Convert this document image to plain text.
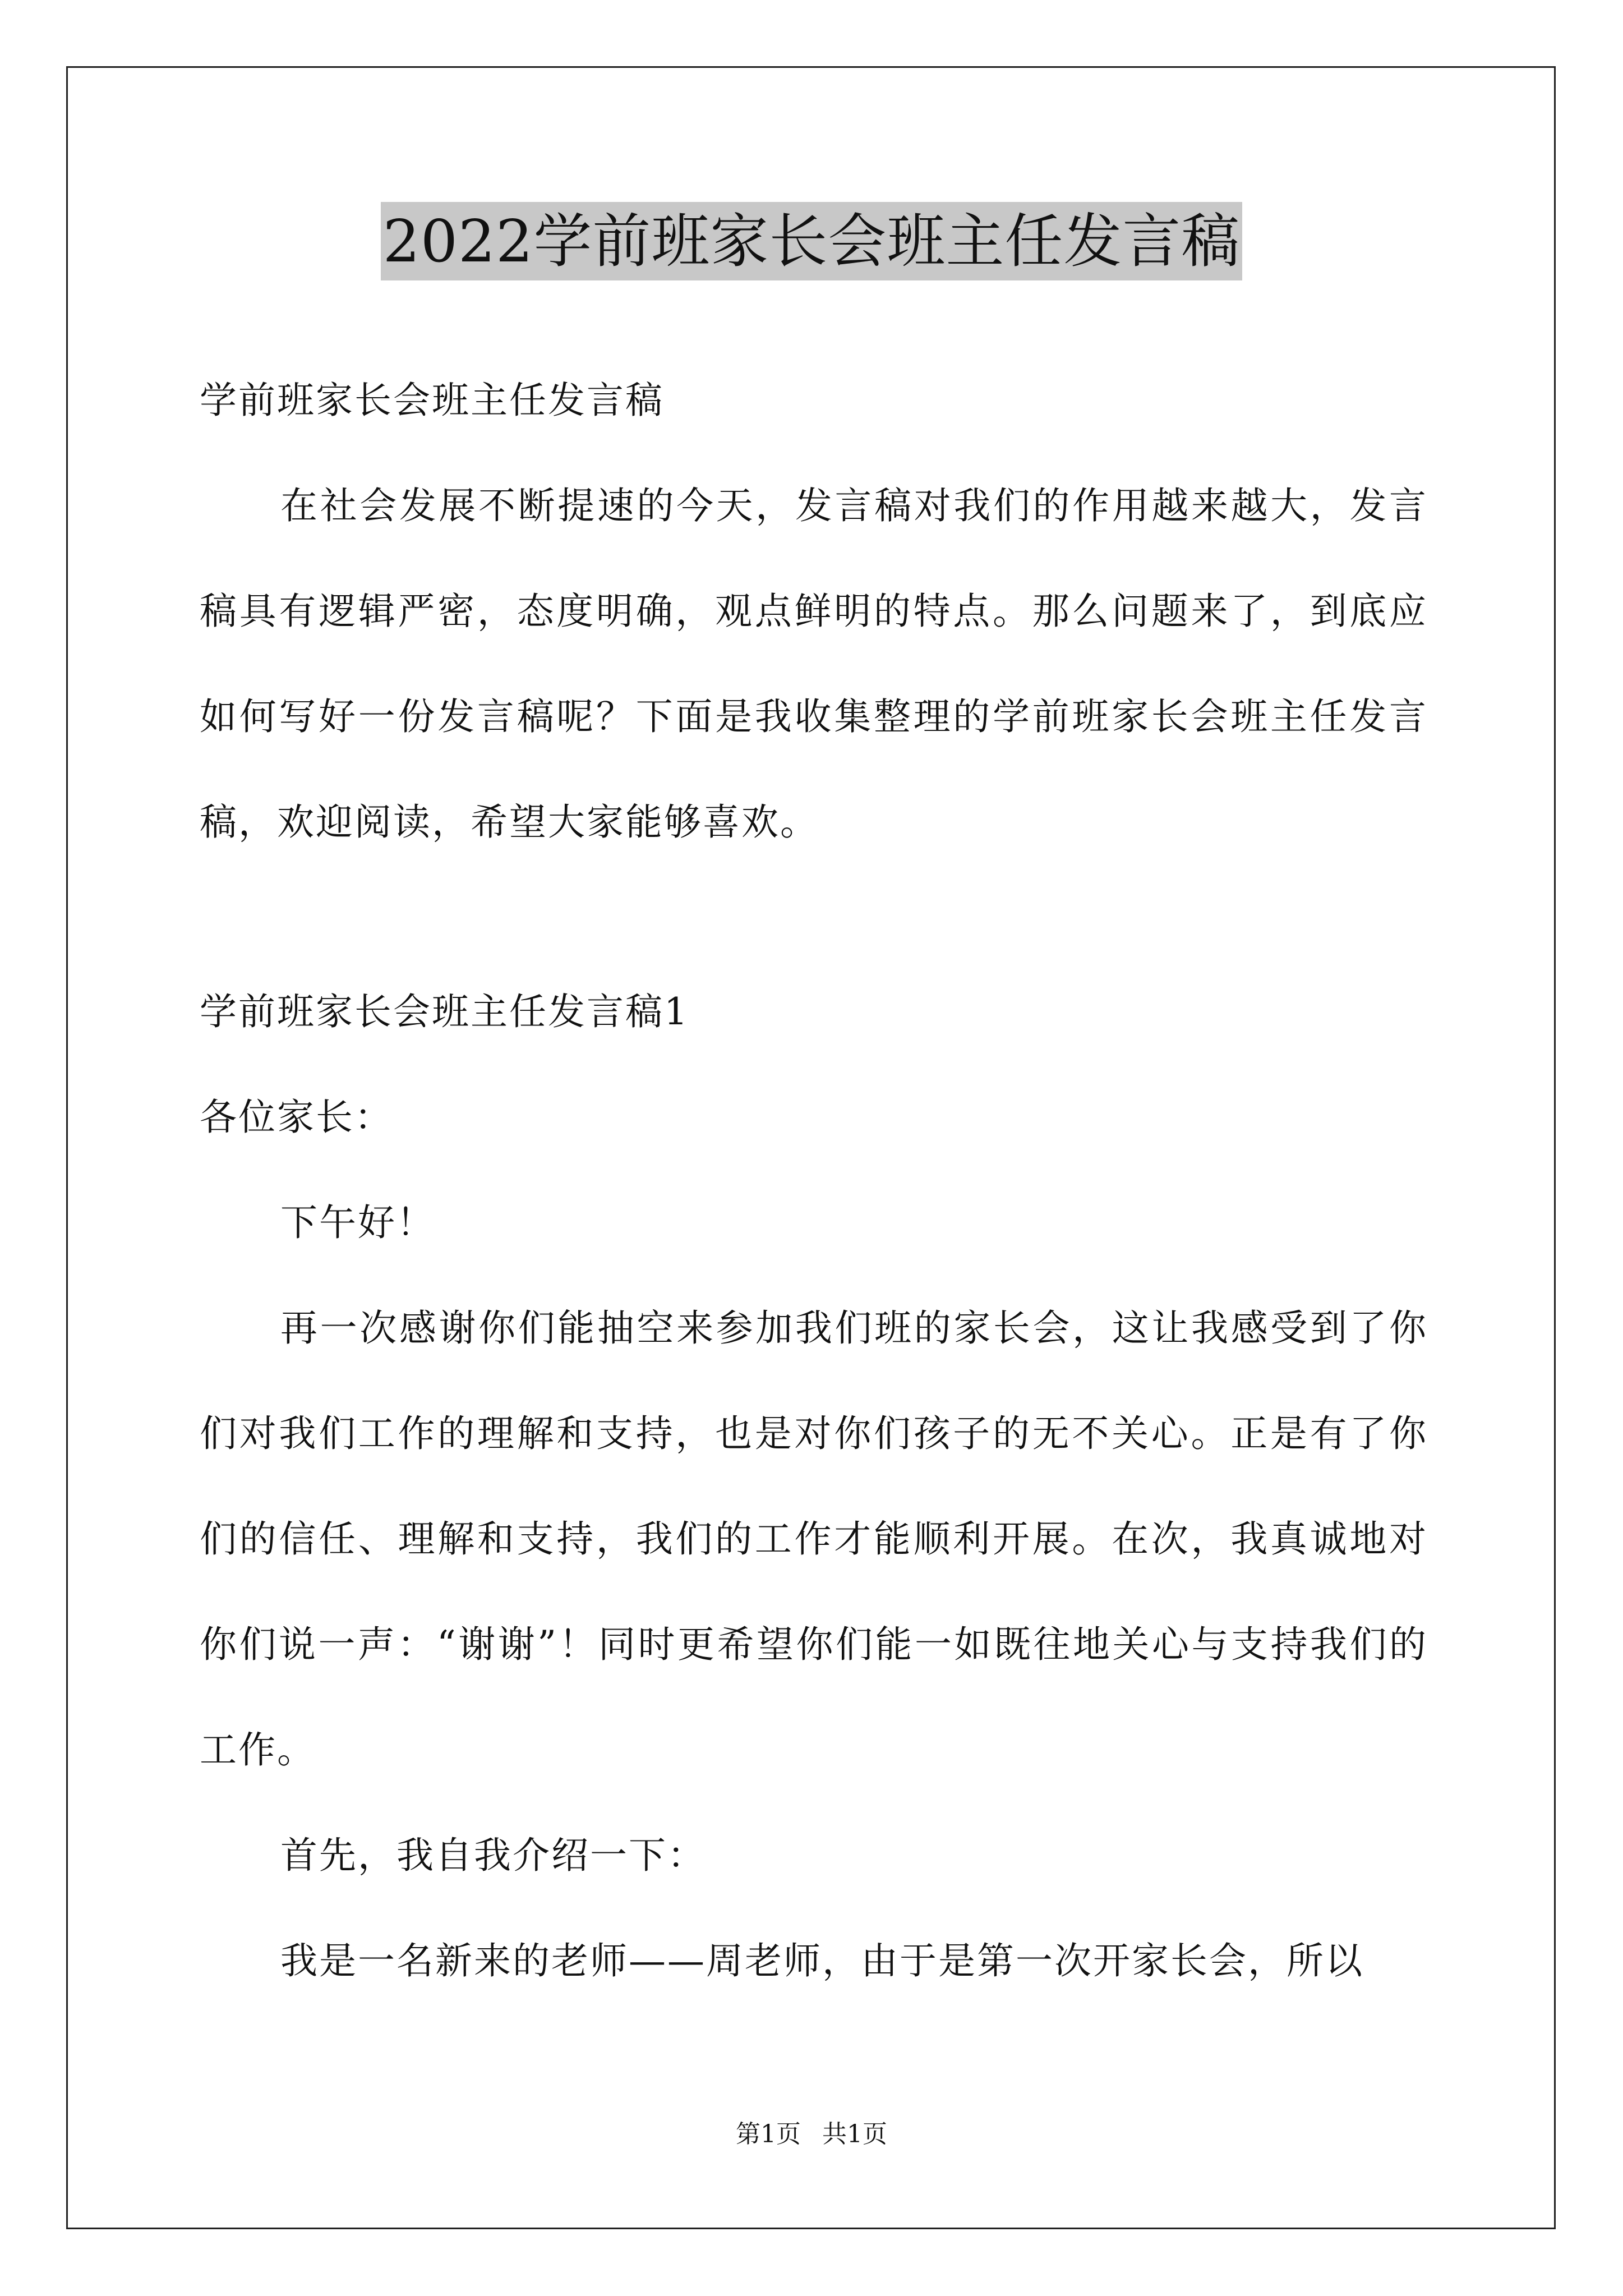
2022学前班家长会班主任发言稿

学前班家长会班主任发言稿

在社会发展不断提速的今天，发言稿对我们的作用越来越大，发言稿具有逻辑严密，态度明确，观点鲜明的特点。那么问题来了，到底应如何写好一份发言稿呢？下面是我收集整理的学前班家长会班主任发言稿，欢迎阅读，希望大家能够喜欢。

学前班家长会班主任发言稿1

各位家长：

下午好！

再一次感谢你们能抽空来参加我们班的家长会，这让我感受到了你们对我们工作的理解和支持，也是对你们孩子的无不关心。正是有了你们的信任、理解和支持，我们的工作才能顺利开展。在次，我真诚地对你们说一声：“谢谢”！同时更希望你们能一如既往地关心与支持我们的工作。

首先，我自我介绍一下：

我是一名新来的老师——周老师，由于是第一次开家长会，所以

第1页 共1页
